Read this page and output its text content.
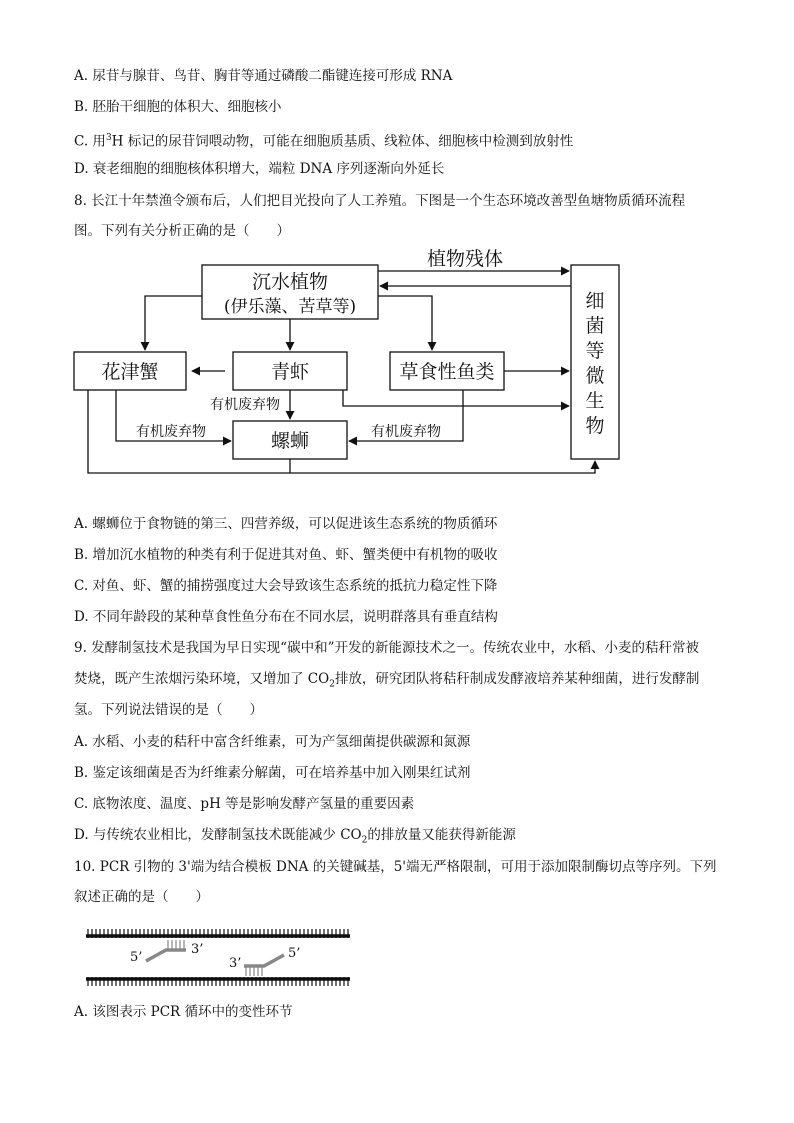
A. 尿苷与腺苷、鸟苷、胸苷等通过磷酸二酯键连接可形成 RNA
B. 胚胎干细胞的体积大、细胞核小
C. 用$^3$H 标记的尿苷饲喂动物，可能在细胞质基质、线粒体、细胞核中检测到放射性
D. 衰老细胞的细胞核体积增大，端粒 DNA 序列逐渐向外延长
8. 长江十年禁渔令颁布后，人们把目光投向了人工养殖。下图是一个生态环境改善型鱼塘物质循环流程
图。下列有关分析正确的是（　　）
沉水植物
(伊乐藻、苦草等)
植物残体
花津蟹	青虾	草食性鱼类
螺蛳
细
菌
等
微
生
物
有机废弃物
有机废弃物	有机废弃物
5’
3’
3’
5’
A. 螺蛳位于食物链的第三、四营养级，可以促进该生态系统的物质循环
B. 增加沉水植物的种类有利于促进其对鱼、虾、蟹类便中有机物的吸收
C. 对鱼、虾、蟹的捕捞强度过大会导致该生态系统的抵抗力稳定性下降
D. 不同年龄段的某种草食性鱼分布在不同水层，说明群落具有垂直结构
9. 发酵制氢技术是我国为早日实现“碳中和”开发的新能源技术之一。传统农业中，水稻、小麦的秸秆常被
焚烧，既产生浓烟污染环境，又增加了 $CO_2$排放，研究团队将秸秆制成发酵液培养某种细菌，进行发酵制
氢。下列说法错误的是（　　）
A. 水稻、小麦的秸秆中富含纤维素，可为产氢细菌提供碳源和氮源
B. 鉴定该细菌是否为纤维素分解菌，可在培养基中加入刚果红试剂
C. 底物浓度、温度、pH 等是影响发酵产氢量的重要因素
D. 与传统农业相比，发酵制氢技术既能减少 $CO_2$的排放量又能获得新能源
10. PCR 引物的 3'端为结合模板 DNA 的关键碱基，5'端无严格限制，可用于添加限制酶切点等序列。下列
叙述正确的是（　　）
A. 该图表示 PCR 循环中的变性环节
